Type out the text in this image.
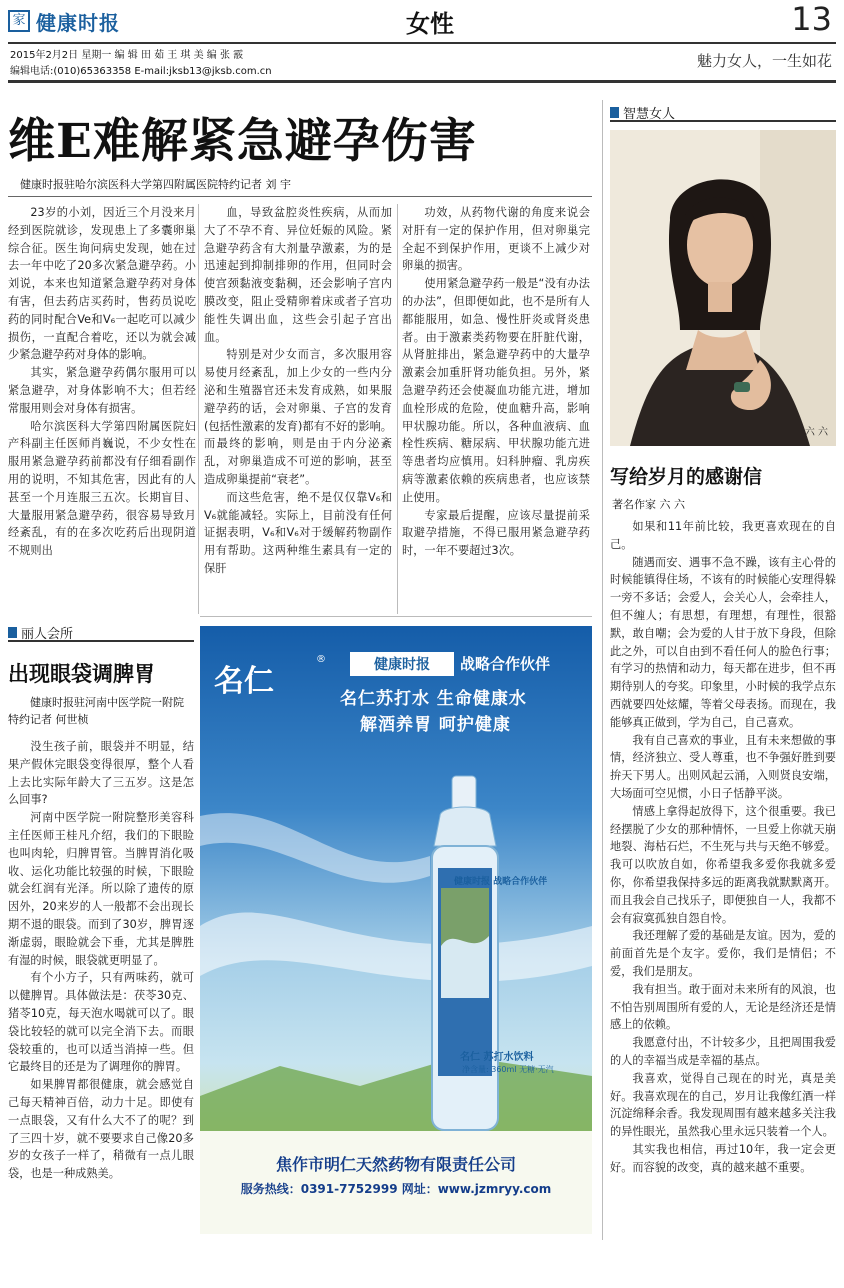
家 健康时报	女性	13
2015年2月2日 星期一 编 辑 田 茹 王 琪 美 编 张 霰
编辑电话:(010)65363358 E-mail:jksb13@jksb.com.cn
魅力女人，一生如花
维E难解紧急避孕伤害
健康时报驻哈尔滨医科大学第四附属医院特约记者 刘 宇

23岁的小刘，因近三个月没来月经到医院就诊，发现患上了多囊卵巢综合征。医生询问病史发现，她在过去一年中吃了20多次紧急避孕药。小刘说，本来也知道紧急避孕药对身体有害，但去药店买药时，售药员说吃药的同时配合Ve和V₆一起吃可以减少损伤，一直配合着吃，还以为就会减少紧急避孕药对身体的影响。

其实，紧急避孕药偶尔服用可以紧急避孕，对身体影响不大；但若经常服用则会对身体有损害。

哈尔滨医科大学第四附属医院妇产科副主任医师肖巍说，不少女性在服用紧急避孕药前都没有仔细看副作用的说明，不知其危害，因此有的人甚至一个月连服三五次。长期盲目、大量服用紧急避孕药，很容易导致月经紊乱，有的在多次吃药后出现阴道不规则出

血，导致盆腔炎性疾病，从而加大了不孕不育、异位妊娠的风险。紧急避孕药含有大剂量孕激素，为的是迅速起到抑制排卵的作用，但同时会使宫颈黏液变黏稠，还会影响子宫内膜改变，阻止受精卵着床或者子宫功能性失调出血，这些会引起子宫出血。

特别是对少女而言，多次服用容易使月经紊乱，加上少女的一些内分泌和生殖器官还未发育成熟，如果服避孕药的话，会对卵巢、子宫的发育(包括性激素的发育)都有不好的影响。而最终的影响，则是由于内分泌紊乱，对卵巢造成不可逆的影响，甚至造成卵巢提前“衰老”。

而这些危害，绝不是仅仅靠V₆和V₆就能减轻。实际上，目前没有任何证据表明，V₆和V₆对于缓解药物副作用有帮助。这两种维生素具有一定的保肝

功效，从药物代谢的角度来说会对肝有一定的保护作用，但对卵巢完全起不到保护作用，更谈不上减少对卵巢的损害。

使用紧急避孕药一般是“没有办法的办法”，但即便如此，也不是所有人都能服用，如急、慢性肝炎或肾炎患者。由于激素类药物要在肝脏代谢，从肾脏排出，紧急避孕药中的大量孕激素会加重肝肾功能负担。另外，紧急避孕药还会使凝血功能亢进，增加血栓形成的危险，使血糖升高，影响甲状腺功能。所以，各种血液病、血栓性疾病、糖尿病、甲状腺功能亢进等患者均应慎用。妇科肿瘤、乳房疾病等激素依赖的疾病患者，也应该禁止使用。

专家最后提醒，应该尽量提前采取避孕措施，不得已服用紧急避孕药时，一年不要超过3次。

丽人会所
出现眼袋调脾胃

健康时报驻河南中医学院一附院特约记者 何世桢

没生孩子前，眼袋并不明显，结果产假休完眼袋变得很厚，整个人看上去比实际年龄大了三五岁。这是怎么回事?

河南中医学院一附院整形美容科主任医师王桂凡介绍，我们的下眼睑也叫肉轮，归脾胃管。当脾胃消化吸收、运化功能比较强的时候，下眼睑就会红润有光泽。所以除了遗传的原因外，20来岁的人一般都不会出现长期不退的眼袋。而到了30岁，脾胃逐渐虚弱，眼睑就会下垂，尤其是脾胜有湿的时候，眼袋就更明显了。

有个小方子，只有两味药，就可以健脾胃。具体做法是：茯苓30克、猪苓10克，每天泡水喝就可以了。眼袋比较轻的就可以完全消下去。而眼袋较重的，也可以适当消掉一些。但它最终目的还是为了调理你的脾胃。

如果脾胃都很健康，就会感觉自己每天精神百倍，动力十足。即使有一点眼袋，又有什么大不了的呢？到了三四十岁，就不要要求自己像20多岁的女孩子一样了，稍微有一点儿眼袋，也是一种成熟美。

智慧女人
六 六
写给岁月的感谢信
著名作家 六 六

如果和11年前比较，我更喜欢现在的自己。

随遇而安、遇事不急不躁，该有主心骨的时候能镇得住场，不该有的时候能心安理得躲一旁不多话；会爱人，会关心人，会牵挂人，但不缠人；有思想，有理想，有理性，很豁默，敢自嘲；会为爱的人甘于放下身段，但除此之外，可以自由到不看任何人的脸色行事；有学习的热情和动力，每天都在进步，但不再期待别人的夸奖。印象里，小时候的我学点东西就要四处炫耀，等着父母表扬。而现在，我能够真正做到，学为自己，自己喜欢。

我有自己喜欢的事业，且有未来想做的事情，经济独立、受人尊重，也不争强好胜到要拚天下男人。出则风起云涌，入则贤良安端，大场面可空见惯，小日子恬静平淡。

情感上拿得起放得下，这个很重要。我已经摆脱了少女的那种情怀，一旦爱上你就天崩地裂、海枯石烂，不生死与共与天绝不够爱。我可以吹放自如，你希望我多爱你我就多爱你，你希望我保持多远的距离我就默默离开。而且我会自己找乐子，即便独自一人，我都不会有寂寞孤独自怨自怜。

我还理解了爱的基础是友谊。因为，爱的前面首先是个友字。爱你，我们是情侣；不爱，我们是朋友。

我有担当。敢于面对未来所有的风浪，也不怕告别周围所有爱的人，无论是经济还是情感上的依赖。

我愿意付出，不计较多少，且把周围我爱的人的幸福当成是幸福的基点。

我喜欢，觉得自己现在的时光，真是美好。我喜欢现在的自己，岁月让我像红酒一样沉淀绵释余香。我发现周围有越来越多关注我的异性眼光，虽然我心里永远只装着一个人。

其实我也相信，再过10年，我一定会更好。而容貌的改变，真的越来越不重要。

名仁
®	健康时报	战略合作伙伴
名仁苏打水 生命健康水
解酒养胃 呵护健康
健康时报 战略合作伙伴
名仁 苏打水饮料
净含量: 360ml 无糖·无汽
焦作市明仁天然药物有限责任公司
服务热线：0391-7752999 网址：www.jzmryy.com
